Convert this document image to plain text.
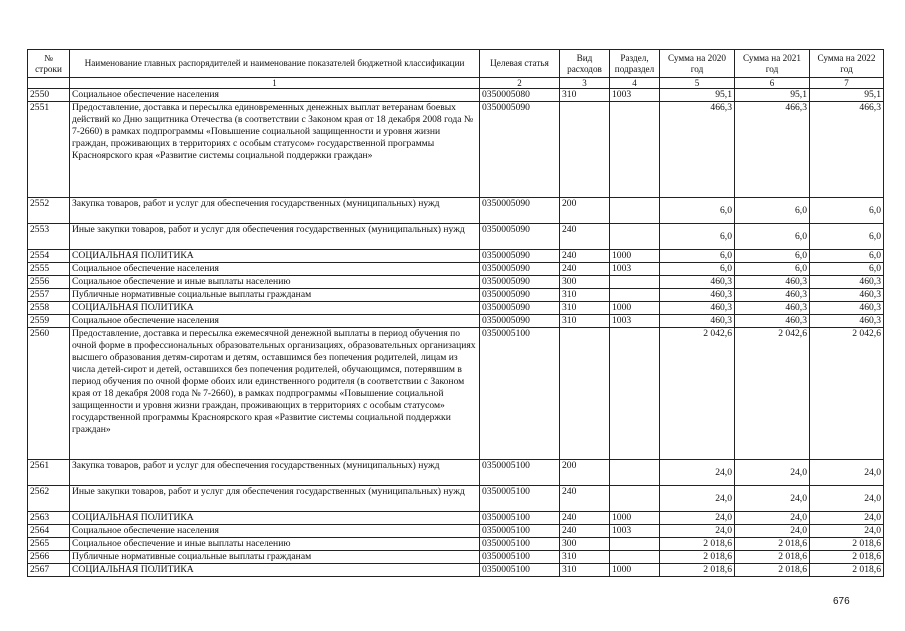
№ строки	Наименование главных распорядителей и наименование показателей бюджетной классификации	Целевая статья	Вид расходов	Раздел, подраздел	Сумма на 2020 год	Сумма на 2021 год	Сумма на 2022 год
	1	2	3	4	5	6	7
2550	Социальное обеспечение населения	0350005080	310	1003	95,1	95,1	95,1
2551	Предоставление, доставка и пересылка единовременных денежных выплат ветеранам боевых действий ко Дню защитника Отечества (в соответствии с Законом края от 18 декабря 2008 года № 7-2660) в рамках подпрограммы «Повышение социальной защищенности и уровня жизни граждан, проживающих в территориях с особым статусом» государственной программы Красноярского края «Развитие системы социальной поддержки граждан»	0350005090			466,3	466,3	466,3
2552	Закупка товаров, работ и услуг для обеспечения государственных (муниципальных) нужд	0350005090	200		6,0	6,0	6,0
2553	Иные закупки товаров, работ и услуг для обеспечения государственных (муниципальных) нужд	0350005090	240		6,0	6,0	6,0
2554	СОЦИАЛЬНАЯ ПОЛИТИКА	0350005090	240	1000	6,0	6,0	6,0
2555	Социальное обеспечение населения	0350005090	240	1003	6,0	6,0	6,0
2556	Социальное обеспечение и иные выплаты населению	0350005090	300		460,3	460,3	460,3
2557	Публичные нормативные социальные выплаты гражданам	0350005090	310		460,3	460,3	460,3
2558	СОЦИАЛЬНАЯ ПОЛИТИКА	0350005090	310	1000	460,3	460,3	460,3
2559	Социальное обеспечение населения	0350005090	310	1003	460,3	460,3	460,3
2560	Предоставление, доставка и пересылка ежемесячной денежной выплаты в период обучения по очной форме в профессиональных образовательных организациях, образовательных организациях высшего образования детям-сиротам и детям, оставшимся без попечения родителей, лицам из числа детей-сирот и детей, оставшихся без попечения родителей, обучающимся, потерявшим в период обучения по очной форме обоих или единственного родителя (в соответствии с Законом края от 18 декабря 2008 года № 7-2660), в рамках подпрограммы «Повышение социальной защищенности и уровня жизни граждан, проживающих в территориях с особым статусом» государственной программы Красноярского края «Развитие системы социальной поддержки граждан»	0350005100			2 042,6	2 042,6	2 042,6
2561	Закупка товаров, работ и услуг для обеспечения государственных (муниципальных) нужд	0350005100	200		24,0	24,0	24,0
2562	Иные закупки товаров, работ и услуг для обеспечения государственных (муниципальных) нужд	0350005100	240		24,0	24,0	24,0
2563	СОЦИАЛЬНАЯ ПОЛИТИКА	0350005100	240	1000	24,0	24,0	24,0
2564	Социальное обеспечение населения	0350005100	240	1003	24,0	24,0	24,0
2565	Социальное обеспечение и иные выплаты населению	0350005100	300		2 018,6	2 018,6	2 018,6
2566	Публичные нормативные социальные выплаты гражданам	0350005100	310		2 018,6	2 018,6	2 018,6
2567	СОЦИАЛЬНАЯ ПОЛИТИКА	0350005100	310	1000	2 018,6	2 018,6	2 018,6
676
